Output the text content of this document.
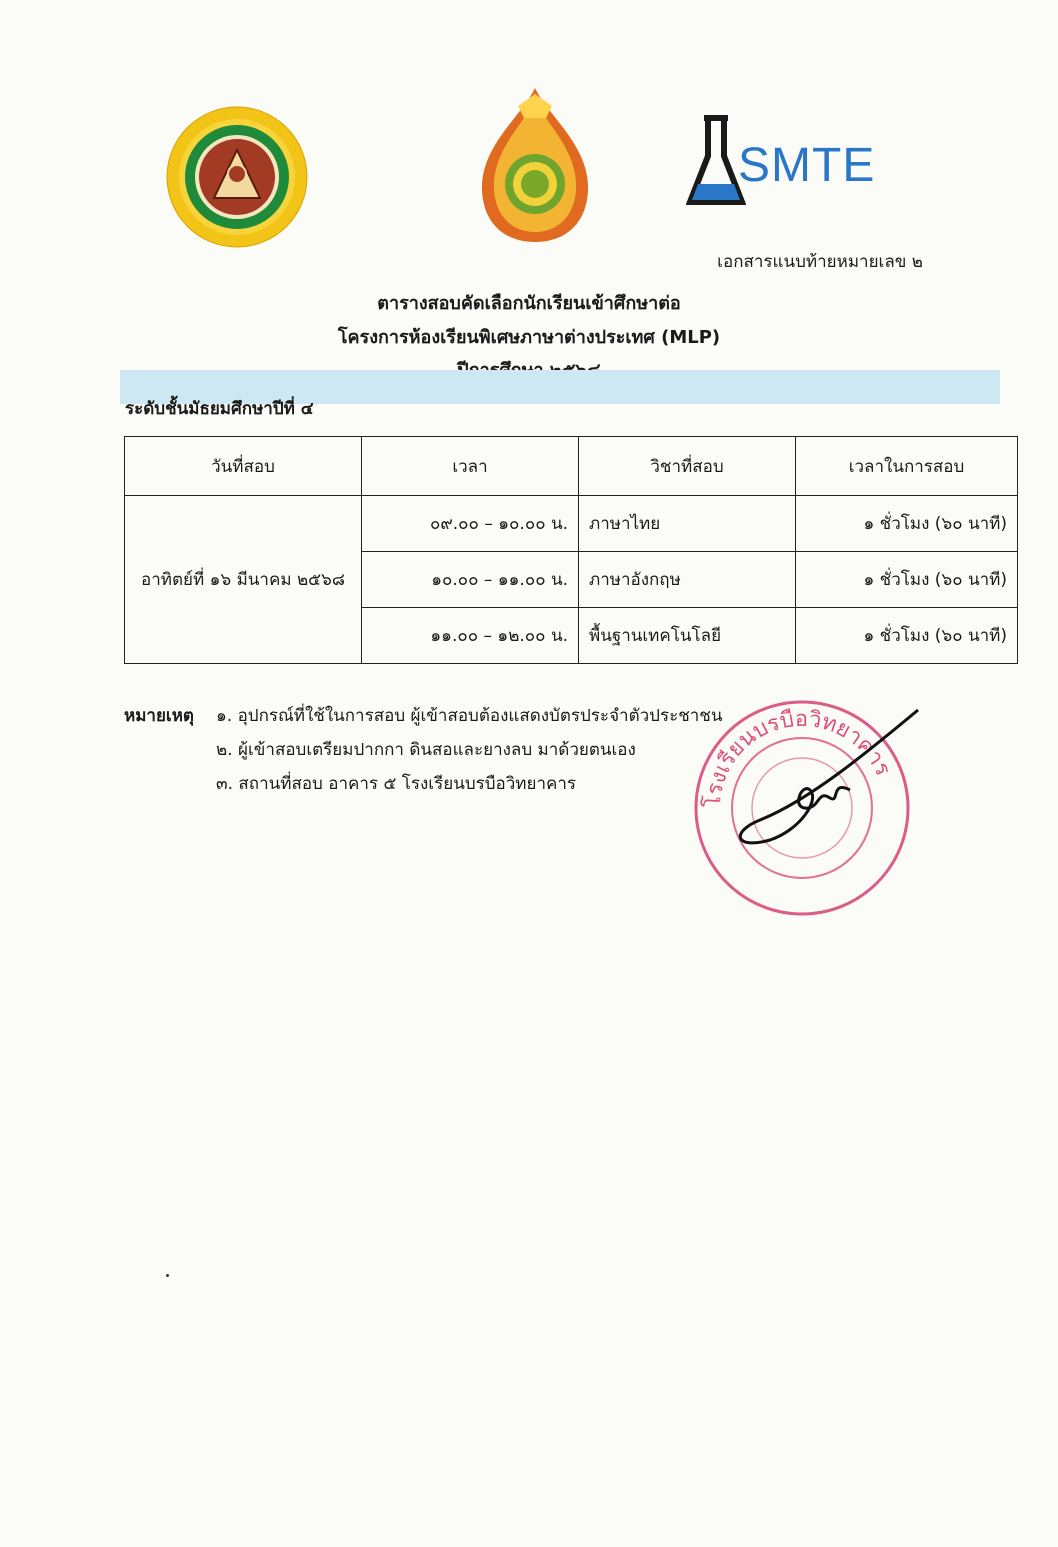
SMTE
เอกสารแนบท้ายหมายเลข ๒
ตารางสอบคัดเลือกนักเรียนเข้าศึกษาต่อ
โครงการห้องเรียนพิเศษภาษาต่างประเทศ (MLP)
ระดับชั้นมัธยมศึกษาปีที่ ๔
วันที่สอบ	เวลา	วิชาที่สอบ	เวลาในการสอบ
อาทิตย์ที่ ๑๖ มีนาคม ๒๕๖๘	๐๙.๐๐ – ๑๐.๐๐ น.	ภาษาไทย	๑ ชั่วโมง (๖๐ นาที)
	๑๐.๐๐ – ๑๑.๐๐ น.	ภาษาอังกฤษ	๑ ชั่วโมง (๖๐ นาที)
	๑๑.๐๐ – ๑๒.๐๐ น.	พื้นฐานเทคโนโลยี	๑ ชั่วโมง (๖๐ นาที)
หมายเหตุ ๑. อุปกรณ์ที่ใช้ในการสอบ ผู้เข้าสอบต้องแสดงบัตรประจำตัวประชาชน
๒. ผู้เข้าสอบเตรียมปากกา ดินสอและยางลบ มาด้วยตนเอง
๓. สถานที่สอบ อาคาร ๕ โรงเรียนบรบือวิทยาคาร
โรงเรียนบรบือวิทยาคาร
